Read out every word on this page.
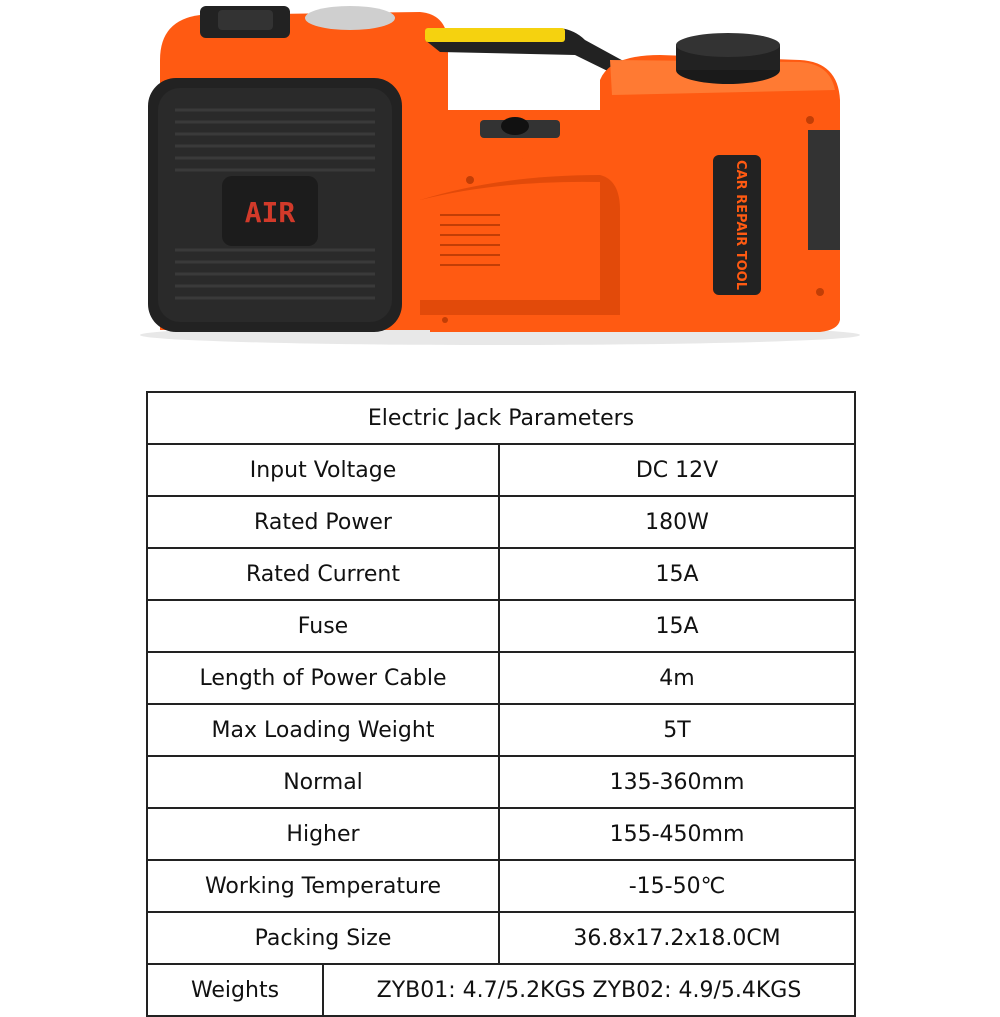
CAR REPAIR TOOL
AIR
Electric Jack Parameters		
Input Voltage		DC 12V
Rated Power		180W
Rated Current		15A
Fuse		15A
Length of Power Cable		4m
Max Loading Weight		5T
Normal		135-360mm
Higher		155-450mm
Working Temperature		-15-50℃
Packing Size		36.8x17.2x18.0CM
Weights	ZYB01: 4.7/5.2KGS ZYB02: 4.9/5.4KGS	
